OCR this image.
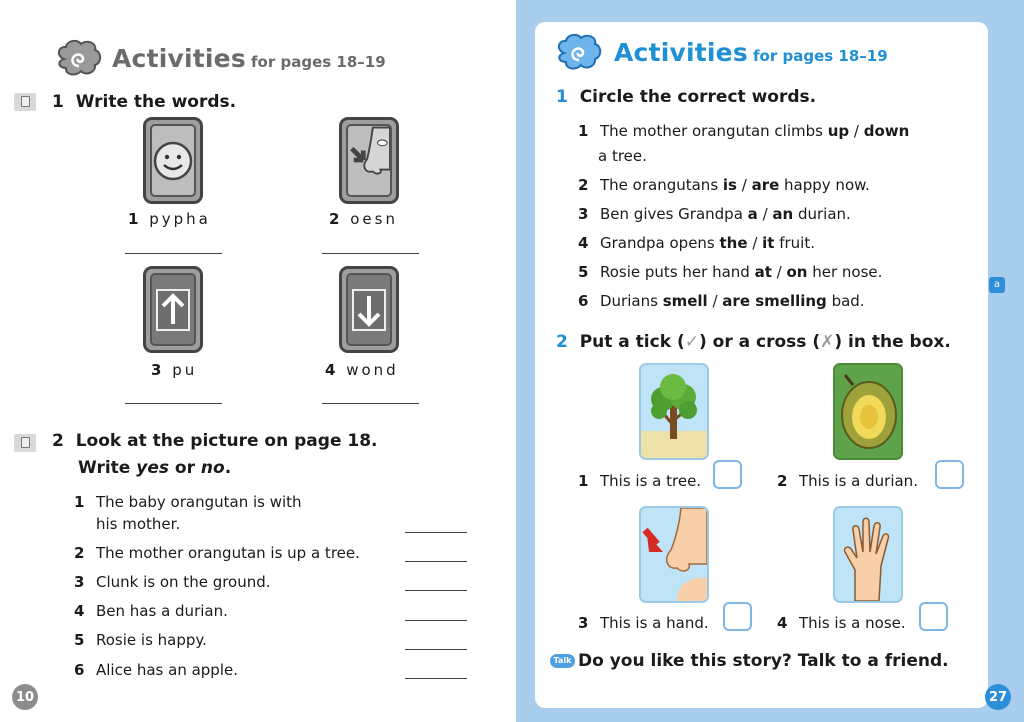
Activities for pages 18–19
1 Write the words.
1 pypha	2 oesn
3 pu	4 wond
2 Look at the picture on page 18.
Write yes or no.
1 The baby orangutan is with
his mother.
2 The mother orangutan is up a tree.
3 Clunk is on the ground.
4 Ben has a durian.
5 Rosie is happy.
6 Alice has an apple.
10
Activities for pages 18–19
1 Circle the correct words.
1 The mother orangutan climbs up / down
a tree.
2 The orangutans is / are happy now.
3 Ben gives Grandpa a / an durian.
4 Grandpa opens the / it fruit.
5 Rosie puts her hand at / on her nose.
6 Durians smell / are smelling bad.
2 Put a tick (✓) or a cross (✗) in the box.
1 This is a tree.	2 This is a durian.
3 This is a hand.	4 This is a nose.
Talk Do you like this story? Talk to a friend.
a
27
